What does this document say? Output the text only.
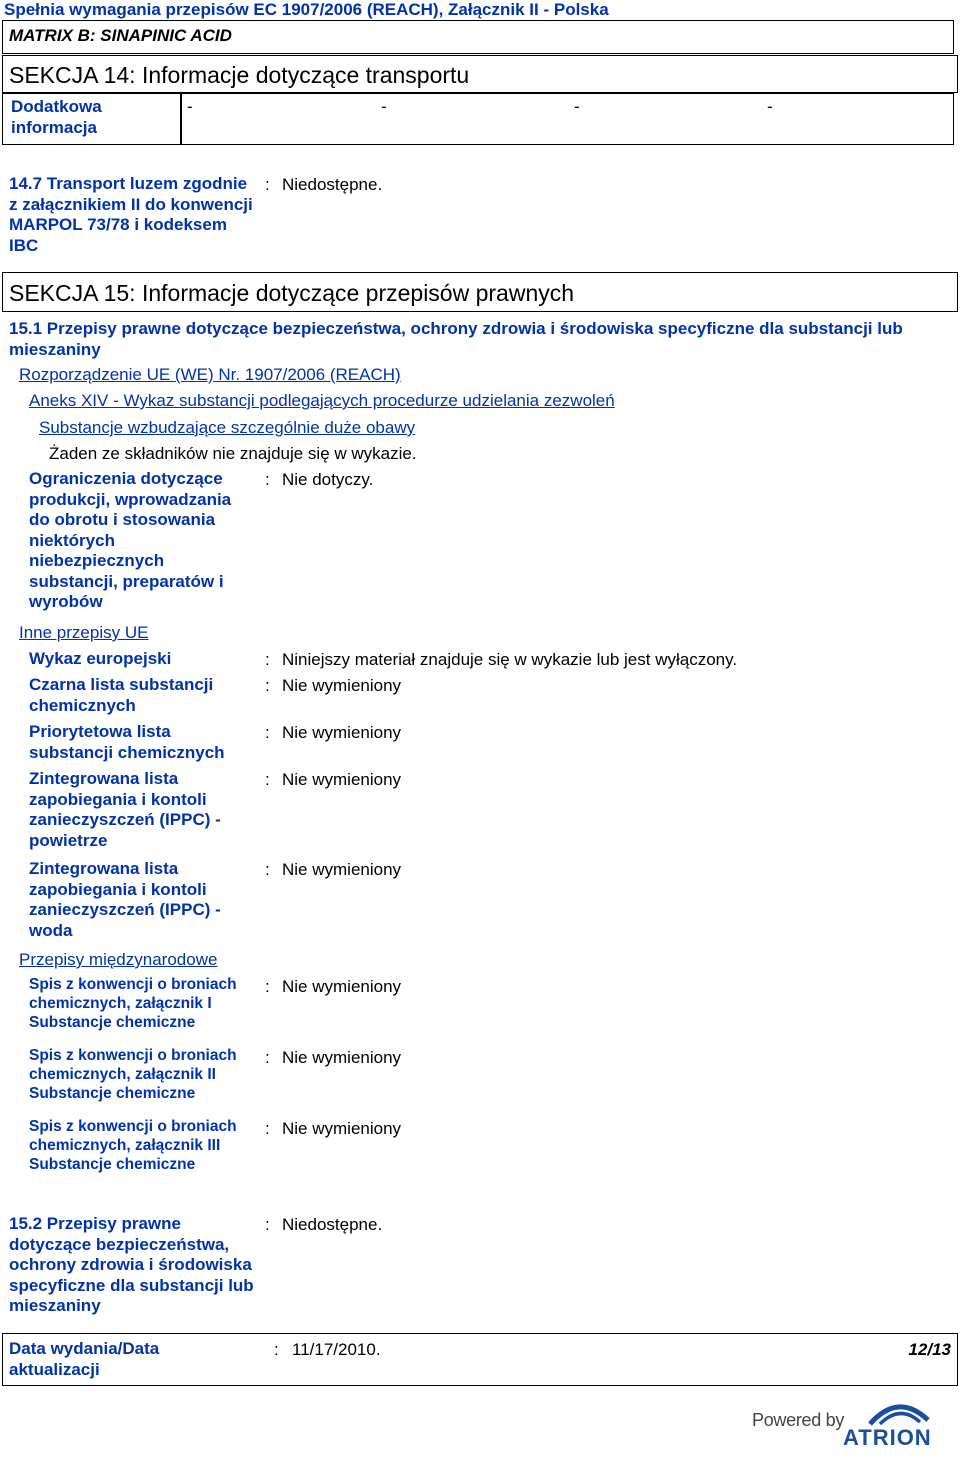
Spełnia wymagania przepisów EC 1907/2006 (REACH), Załącznik II - Polska
MATRIX B: SINAPINIC ACID
SEKCJA 14: Informacje dotyczące transportu
Dodatkowa informacja
-	-	-	-
14.7 Transport luzem zgodnie z załącznikiem II do konwencji MARPOL 73/78 i kodeksem IBC
: Niedostępne.
SEKCJA 15: Informacje dotyczące przepisów prawnych
15.1 Przepisy prawne dotyczące bezpieczeństwa, ochrony zdrowia i środowiska specyficzne dla substancji lub mieszaniny
Rozporządzenie UE (WE) Nr. 1907/2006 (REACH)
Aneks XIV - Wykaz substancji podlegających procedurze udzielania zezwoleń
Substancje wzbudzające szczególnie duże obawy
Żaden ze składników nie znajduje się w wykazie.
Ograniczenia dotyczące produkcji, wprowadzania do obrotu i stosowania niektórych niebezpiecznych substancji, preparatów i wyrobów
: Nie dotyczy.
Inne przepisy UE
Wykaz europejski	: Niniejszy materiał znajduje się w wykazie lub jest wyłączony.
Czarna lista substancji chemicznych
: Nie wymieniony
Priorytetowa lista substancji chemicznych
: Nie wymieniony
Zintegrowana lista zapobiegania i kontoli zanieczyszczeń (IPPC) - powietrze
: Nie wymieniony
Zintegrowana lista zapobiegania i kontoli zanieczyszczeń (IPPC) - woda
: Nie wymieniony
Przepisy międzynarodowe
Spis z konwencji o broniach chemicznych, załącznik I Substancje chemiczne
: Nie wymieniony
Spis z konwencji o broniach chemicznych, załącznik II Substancje chemiczne
: Nie wymieniony
Spis z konwencji o broniach chemicznych, załącznik III Substancje chemiczne
: Nie wymieniony
15.2 Przepisy prawne dotyczące bezpieczeństwa, ochrony zdrowia i środowiska specyficzne dla substancji lub mieszaniny
: Niedostępne.
Data wydania/Data aktualizacji
: 11/17/2010.	12/13
Powered by
ATRION
